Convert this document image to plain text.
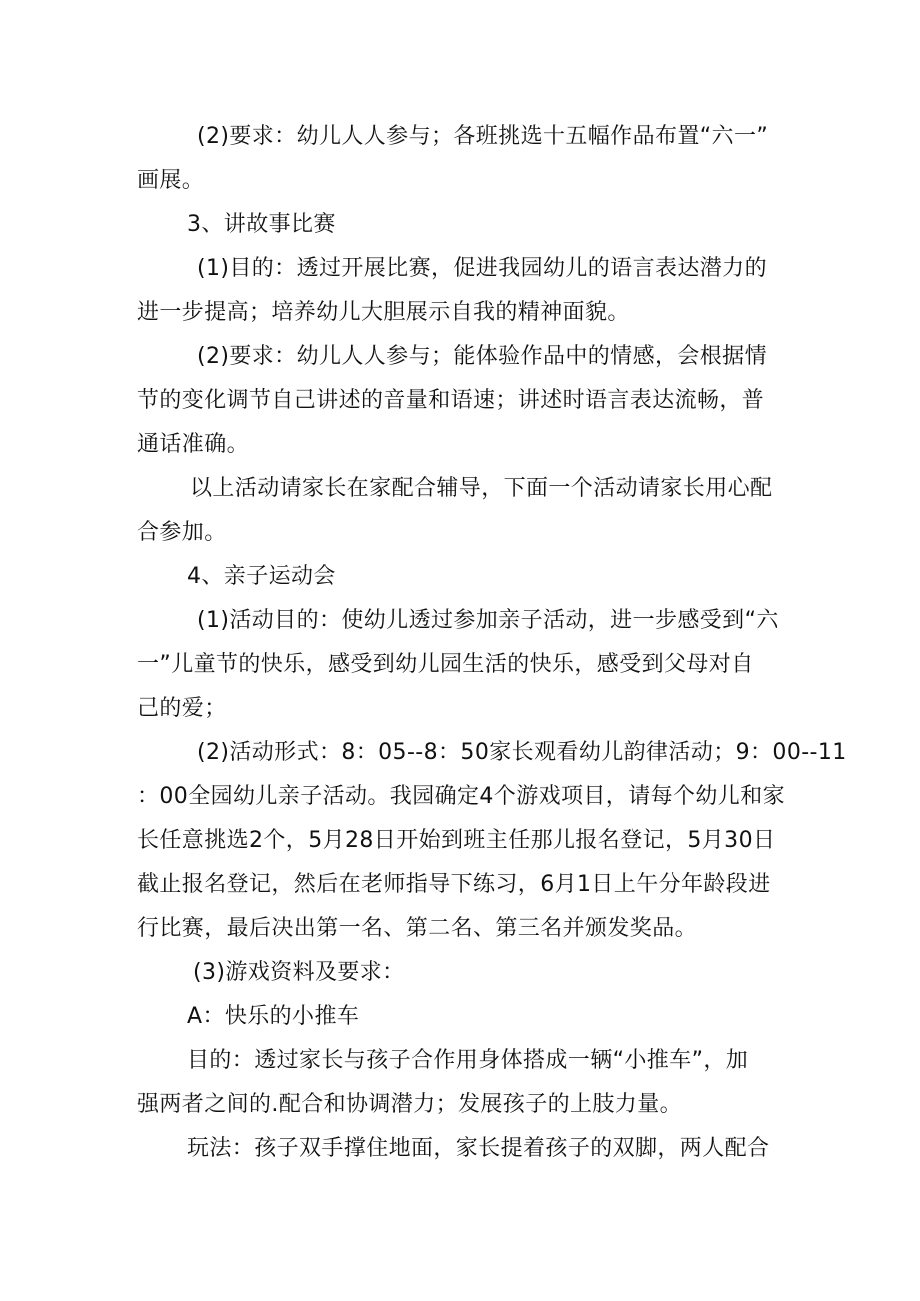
(2)要求：幼儿人人参与；各班挑选十五幅作品布置“六一”
画展。
3、讲故事比赛
(1)目的：透过开展比赛，促进我园幼儿的语言表达潜力的
进一步提高；培养幼儿大胆展示自我的精神面貌。
(2)要求：幼儿人人参与；能体验作品中的情感，会根据情
节的变化调节自己讲述的音量和语速；讲述时语言表达流畅，普
通话准确。
以上活动请家长在家配合辅导，下面一个活动请家长用心配
合参加。
4、亲子运动会
(1)活动目的：使幼儿透过参加亲子活动，进一步感受到“六
一”儿童节的快乐，感受到幼儿园生活的快乐，感受到父母对自
己的爱；
(2)活动形式：8：05--8：50家长观看幼儿韵律活动；9：00--11
：00全园幼儿亲子活动。我园确定4个游戏项目，请每个幼儿和家
长任意挑选2个，5月28日开始到班主任那儿报名登记，5月30日
截止报名登记，然后在老师指导下练习，6月1日上午分年龄段进
行比赛，最后决出第一名、第二名、第三名并颁发奖品。
(3)游戏资料及要求：
A：快乐的小推车
目的：透过家长与孩子合作用身体搭成一辆“小推车”，加
强两者之间的.配合和协调潜力；发展孩子的上肢力量。
玩法：孩子双手撑住地面，家长提着孩子的双脚，两人配合
